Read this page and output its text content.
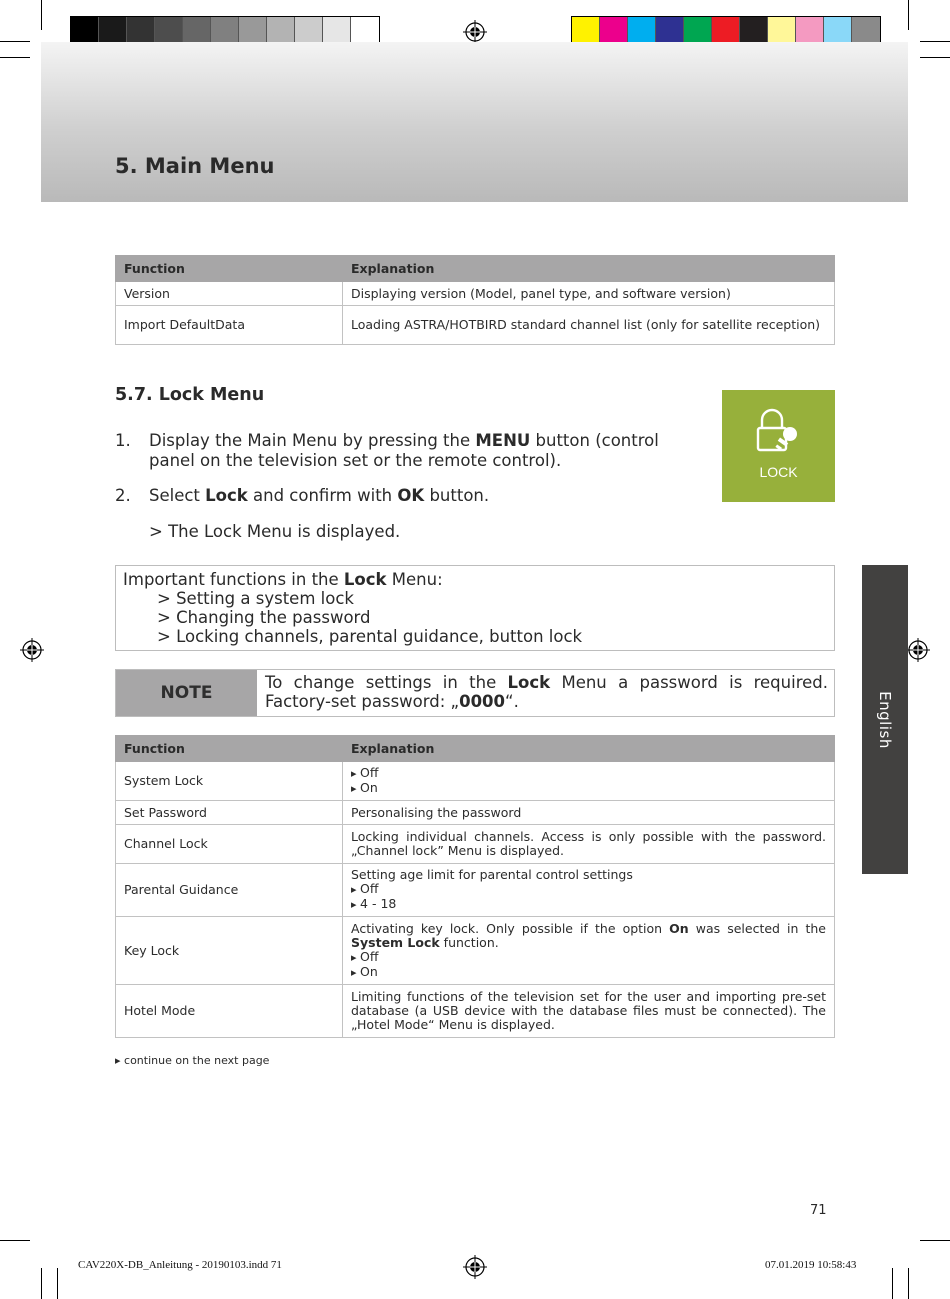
5. Main Menu
Function	Explanation
Version	Displaying version (Model, panel type, and software version)
Import DefaultData	Loading ASTRA/HOTBIRD standard channel list (only for satellite reception)
5.7. Lock Menu
1.	Display the Main Menu by pressing the MENU button (control panel on the television set or the remote control).
2.	Select Lock and confirm with OK button.
> The Lock Menu is displayed.
LOCK
Important functions in the Lock Menu:
> Setting a system lock
> Changing the password
> Locking channels, parental guidance, button lock
NOTE
To change settings in the Lock Menu a password is required. Factory-set password: „0000“.
Function	Explanation
System Lock	▸ Off
▸ On

Set Password	Personalising the password
Channel Lock	Locking individual channels. Access is only possible with the password. „Channel lock” Menu is displayed.
Parental Guidance	Setting age limit for parental control settings
▸ Off
▸ 4 - 18

Key Lock	Activating key lock. Only possible if the option On was selected in the System Lock function.
▸ Off
▸ On

Hotel Mode	Limiting functions of the television set for the user and importing pre-set database (a USB device with the database files must be connected). The „Hotel Mode“ Menu is displayed.
▸ continue on the next page
English
71
CAV220X-DB_Anleitung - 20190103.indd 71	07.01.2019 10:58:43
